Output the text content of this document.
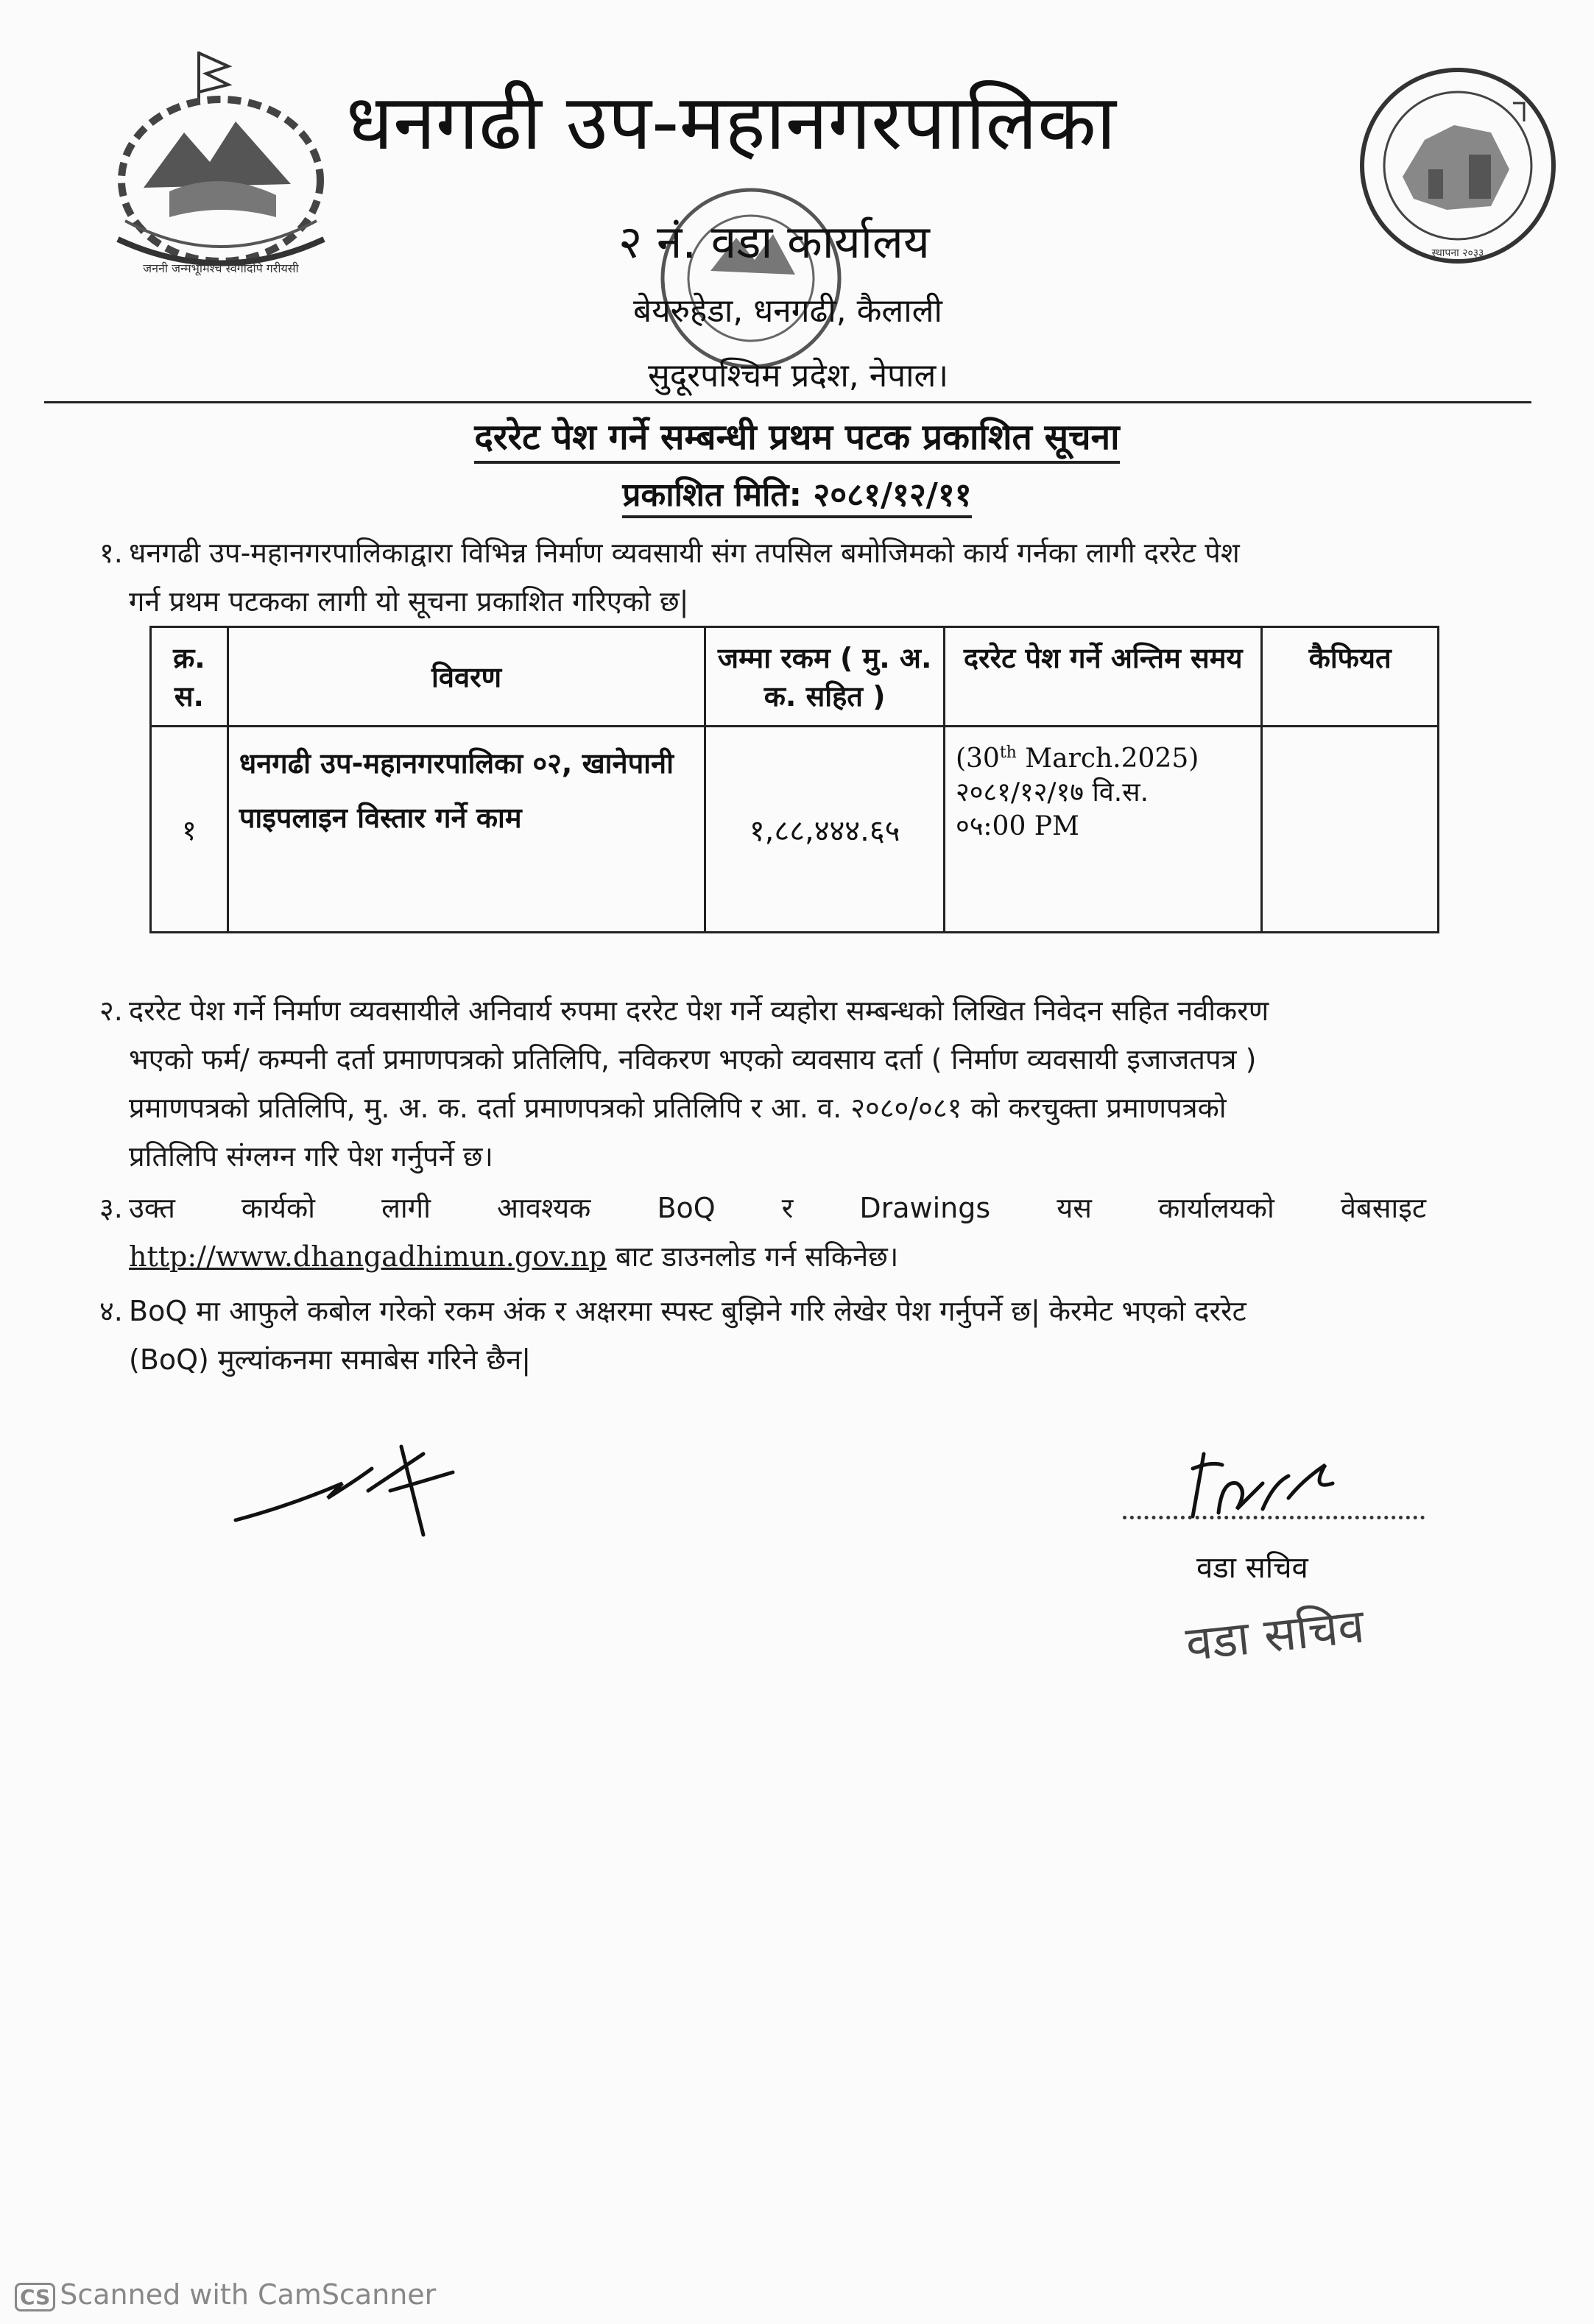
जननी जन्मभूमिश्च स्वर्गादपि गरीयसी
स्थापना २०३३
धनगढी उप-महानगरपालिका
२ नं. वडा कार्यालय
बेयरुहेडा, धनगढी, कैलाली
सुदूरपश्चिम प्रदेश, नेपाल।
दररेट पेश गर्ने सम्बन्धी प्रथम पटक प्रकाशित सूचना
प्रकाशित मिति: २०८१/१२/११
१. धनगढी उप-महानगरपालिकाद्वारा विभिन्न निर्माण व्यवसायी संग तपसिल बमोजिमको कार्य गर्नका लागी दररेट पेश
गर्न प्रथम पटकका लागी यो सूचना प्रकाशित गरिएको छ|
क्र. स.	विवरण	जम्मा रकम ( मु. अ. क. सहित )	दररेट पेश गर्ने अन्तिम समय	कैफियत
१	धनगढी उप-महानगरपालिका ०२, खानेपानी पाइपलाइन विस्तार गर्ने काम	१,८८,४४४.६५	(30th March.2025)
२०८१/१२/१७ वि.स.
०५:00 PM	
२. दररेट पेश गर्ने निर्माण व्यवसायीले अनिवार्य रुपमा दररेट पेश गर्ने व्यहोरा सम्बन्धको लिखित निवेदन सहित नवीकरण
भएको फर्म/ कम्पनी दर्ता प्रमाणपत्रको प्रतिलिपि, नविकरण भएको व्यवसाय दर्ता ( निर्माण व्यवसायी इजाजतपत्र )
प्रमाणपत्रको प्रतिलिपि, मु. अ. क. दर्ता प्रमाणपत्रको प्रतिलिपि र आ. व. २०८०/०८१ को करचुक्ता प्रमाणपत्रको
प्रतिलिपि संग्लग्न गरि पेश गर्नुपर्ने छ।
३. उक्त कार्यको लागी आवश्यक BoQ र Drawings यस कार्यालयको वेबसाइट
http://www.dhangadhimun.gov.np बाट डाउनलोड गर्न सकिनेछ।
४. BoQ मा आफुले कबोल गरेको रकम अंक र अक्षरमा स्पस्ट बुझिने गरि लेखेर पेश गर्नुपर्ने छ| केरमेट भएको दररेट
(BoQ) मुल्यांकनमा समाबेस गरिने छैन|
वडा सचिव
वडा सचिव
CS Scanned with CamScanner
